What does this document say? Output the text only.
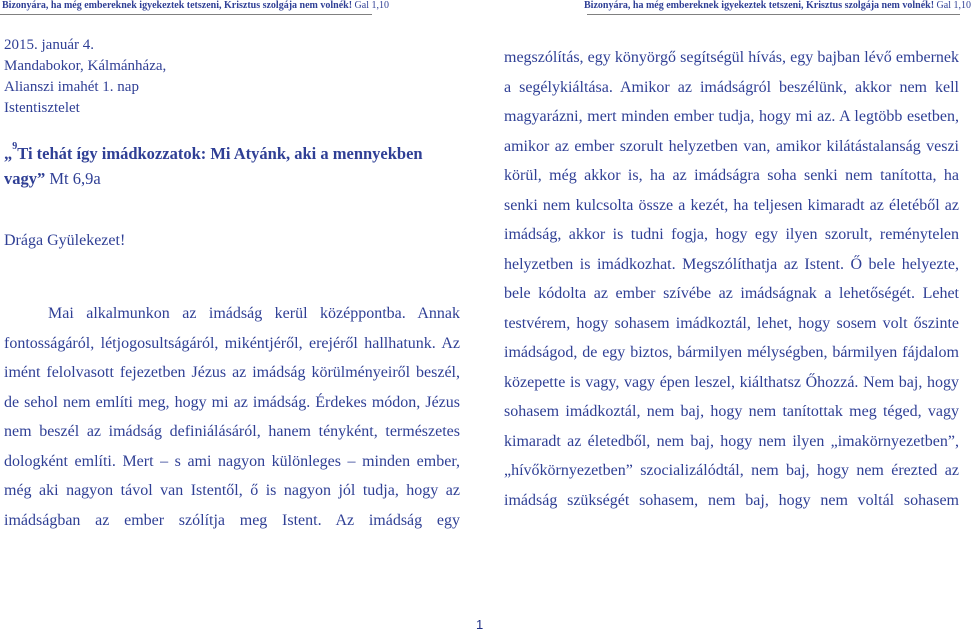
Bizonyára, ha még embereknek igyekeztek tetszeni, Krisztus szolgája nem volnék! Gal 1,10	Bizonyára, ha még embereknek igyekeztek tetszeni, Krisztus szolgája nem volnék! Gal 1,10
2015. január 4.
Mandabokor, Kálmánháza,
Alianszi imahét 1. nap
Istentisztelet
„$^9$Ti tehát így imádkozzatok: Mi Atyánk, aki a mennyekben vagy” Mt 6,9a
Drága Gyülekezet!
Mai alkalmunkon az imádság kerül középpontba. Annak fontosságáról, létjogosultságáról, mikéntjéről, erejéről hallhatunk. Az imént felolvasott fejezetben Jézus az imádság körülményeiről beszél, de sehol nem említi meg, hogy mi az imádság. Érdekes módon, Jézus nem beszél az imádság definiálásáról, hanem tényként, természetes dologként említi. Mert – s ami nagyon különleges – minden ember, még aki nagyon távol van Istentől, ő is nagyon jól tudja, hogy az imádságban az ember szólítja meg Istent. Az imádság egy
megszólítás, egy könyörgő segítségül hívás, egy bajban lévő embernek a segélykiáltása. Amikor az imádságról beszélünk, akkor nem kell magyarázni, mert minden ember tudja, hogy mi az. A legtöbb esetben, amikor az ember szorult helyzetben van, amikor kilátástalanság veszi körül, még akkor is, ha az imádságra soha senki nem tanította, ha senki nem kulcsolta össze a kezét, ha teljesen kimaradt az életéből az imádság, akkor is tudni fogja, hogy egy ilyen szorult, reménytelen helyzetben is imádkozhat. Megszólíthatja az Istent. Ő bele helyezte, bele kódolta az ember szívébe az imádságnak a lehetőségét. Lehet testvérem, hogy sohasem imádkoztál, lehet, hogy sosem volt őszinte imádságod, de egy biztos, bármilyen mélységben, bármilyen fájdalom közepette is vagy, vagy épen leszel, kiálthatsz Őhozzá. Nem baj, hogy sohasem imádkoztál, nem baj, hogy nem tanítottak meg téged, vagy kimaradt az életedből, nem baj, hogy nem ilyen „imakörnyezetben”, „hívőkörnyezetben” szocializálódtál, nem baj, hogy nem érezted az imádság szükségét sohasem, nem baj, hogy nem voltál sohasem
1
